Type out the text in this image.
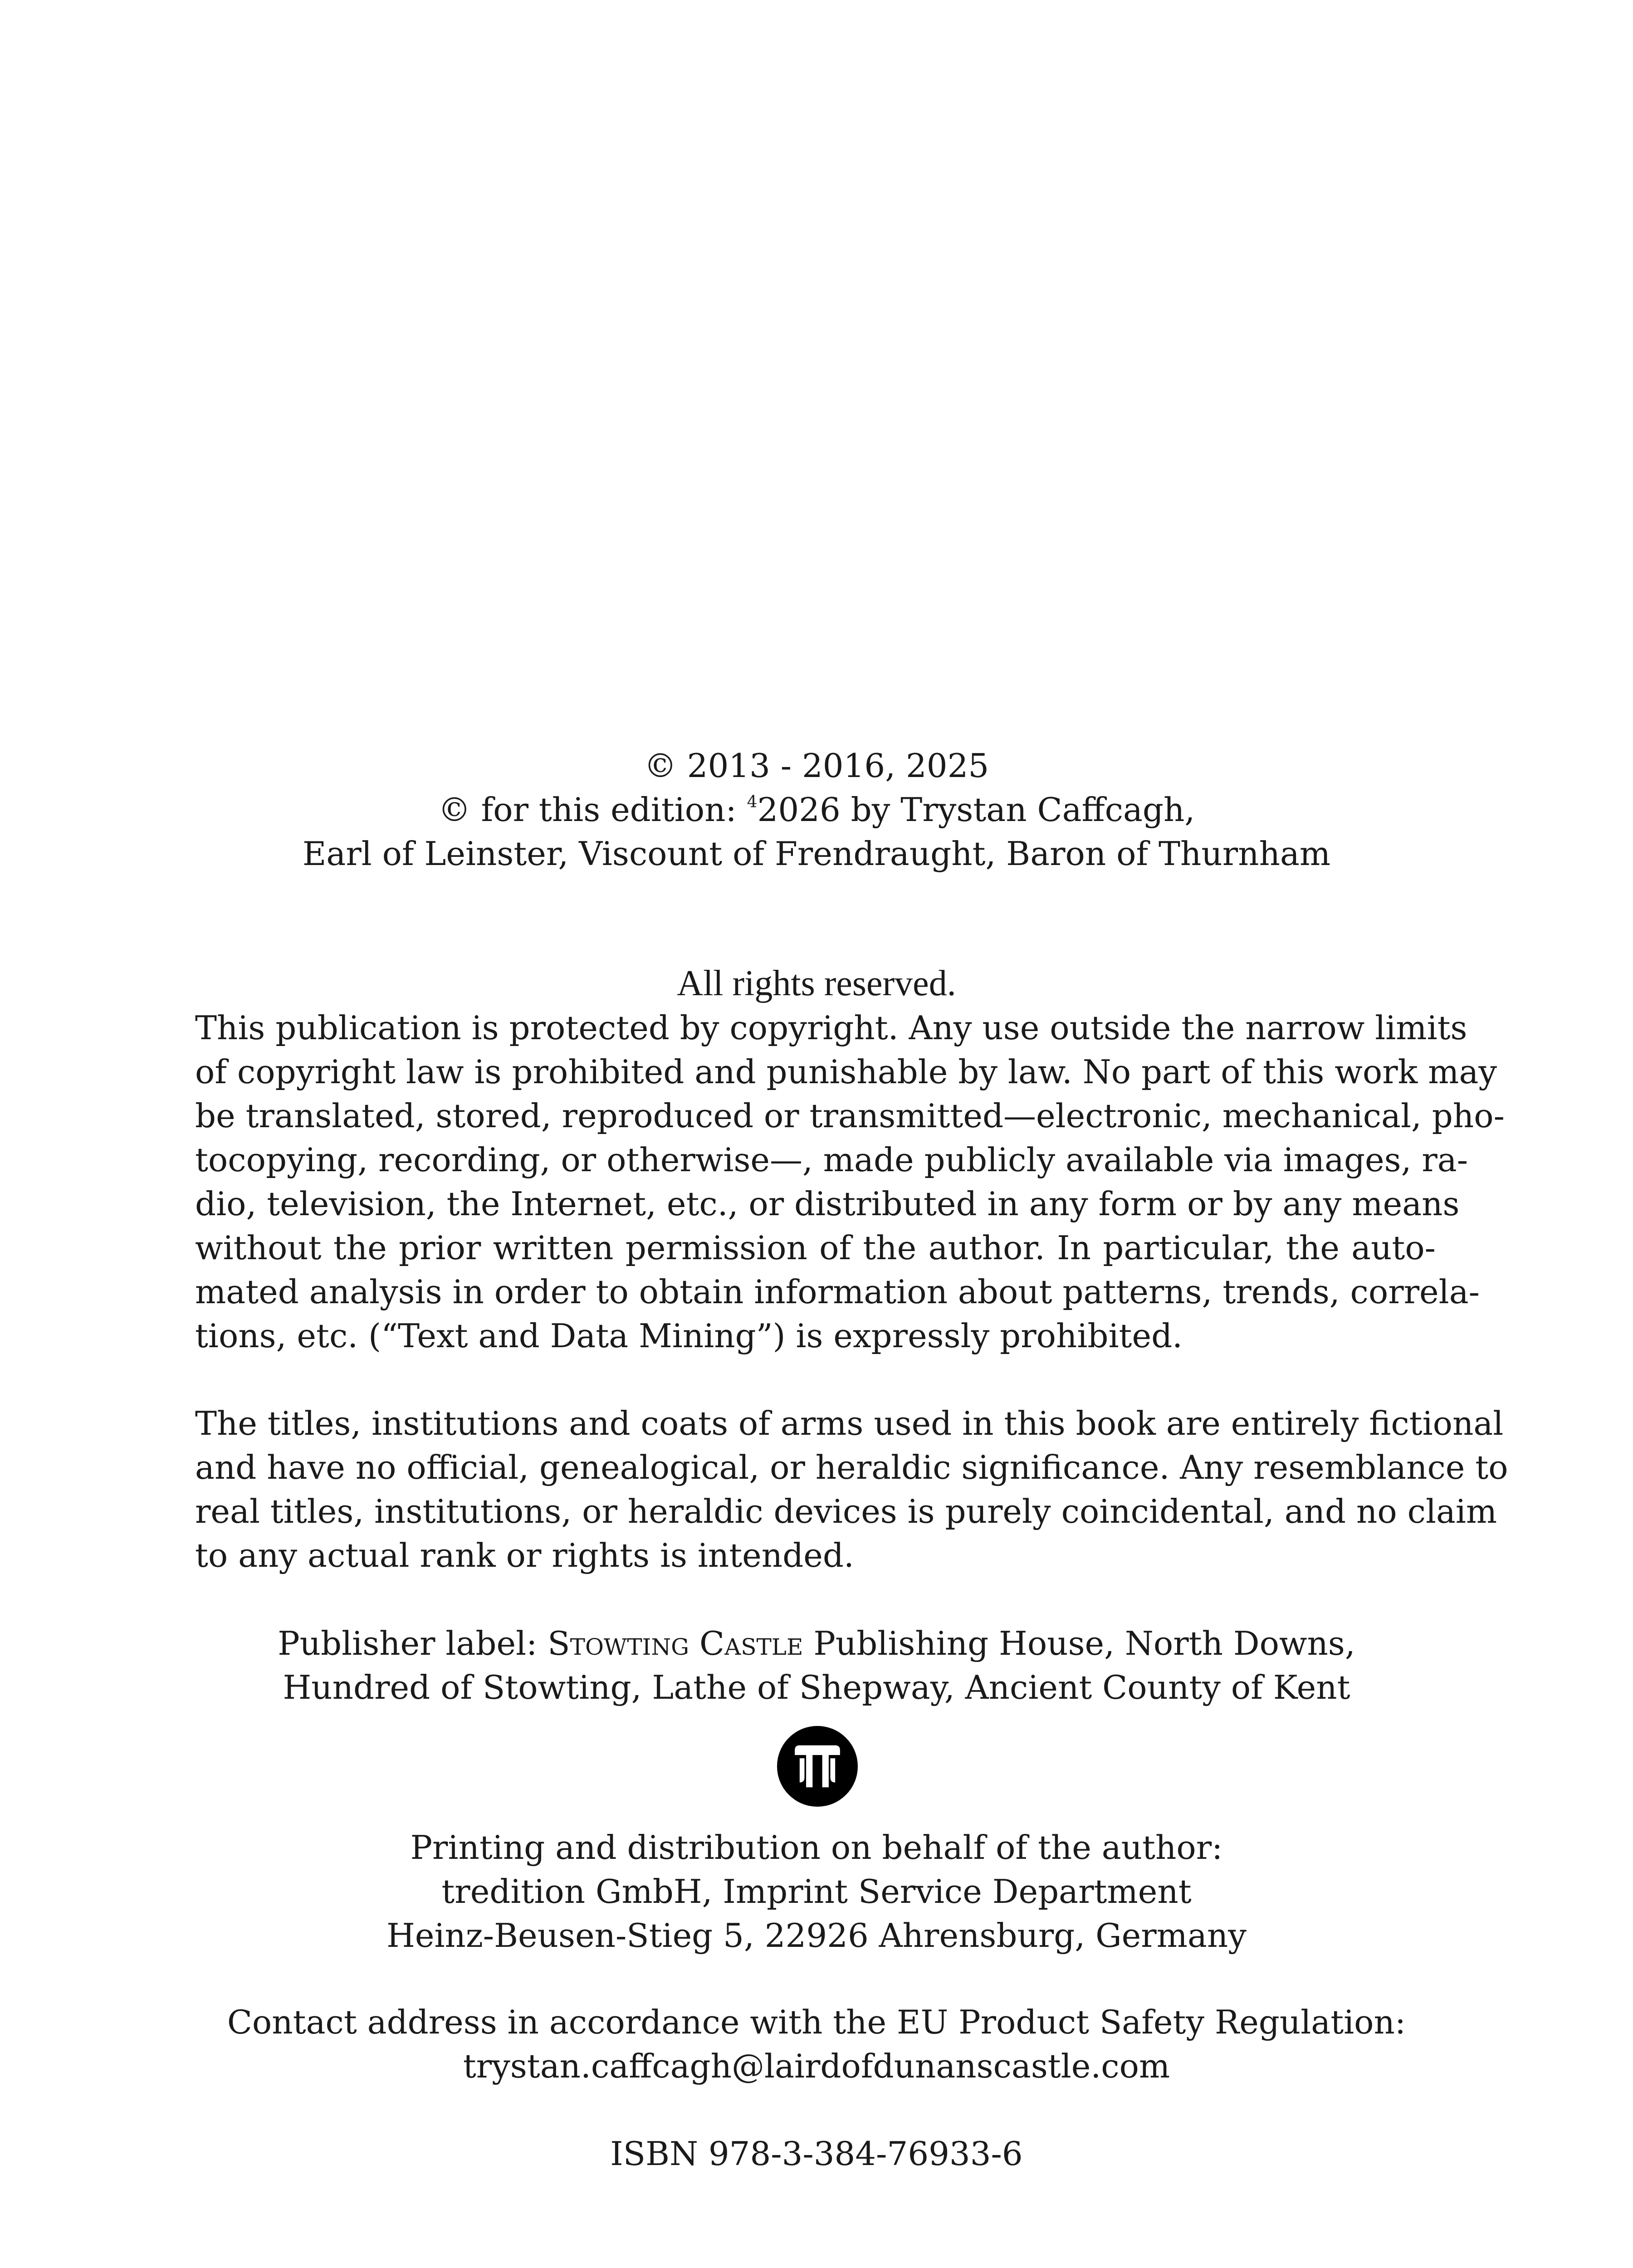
© 2013 - 2016, 2025
© for this edition: $^4$2026 by Trystan Caffcagh,
Earl of Leinster, Viscount of Frendraught, Baron of Thurnham
All rights reserved.
This publication is protected by copyright. Any use outside the narrow limits
of copyright law is prohibited and punishable by law. No part of this work may
be translated, stored, reproduced or transmitted—electronic, mechanical, pho-
tocopying, recording, or otherwise—, made publicly available via images, ra-
dio, television, the Internet, etc., or distributed in any form or by any means
without the prior written permission of the author. In particular, the auto-
mated analysis in order to obtain information about patterns, trends, correla-
tions, etc. (“Text and Data Mining”) is expressly prohibited.
The titles, institutions and coats of arms used in this book are entirely fictional
and have no official, genealogical, or heraldic significance. Any resemblance to
real titles, institutions, or heraldic devices is purely coincidental, and no claim
to any actual rank or rights is intended.
Publisher label: Stowting Castle Publishing House, North Downs,
Hundred of Stowting, Lathe of Shepway, Ancient County of Kent
Printing and distribution on behalf of the author:
tredition GmbH, Imprint Service Department
Heinz-Beusen-Stieg 5, 22926 Ahrensburg, Germany
Contact address in accordance with the EU Product Safety Regulation:
trystan.caffcagh@lairdofdunanscastle.com
ISBN 978-3-384-76933-6
